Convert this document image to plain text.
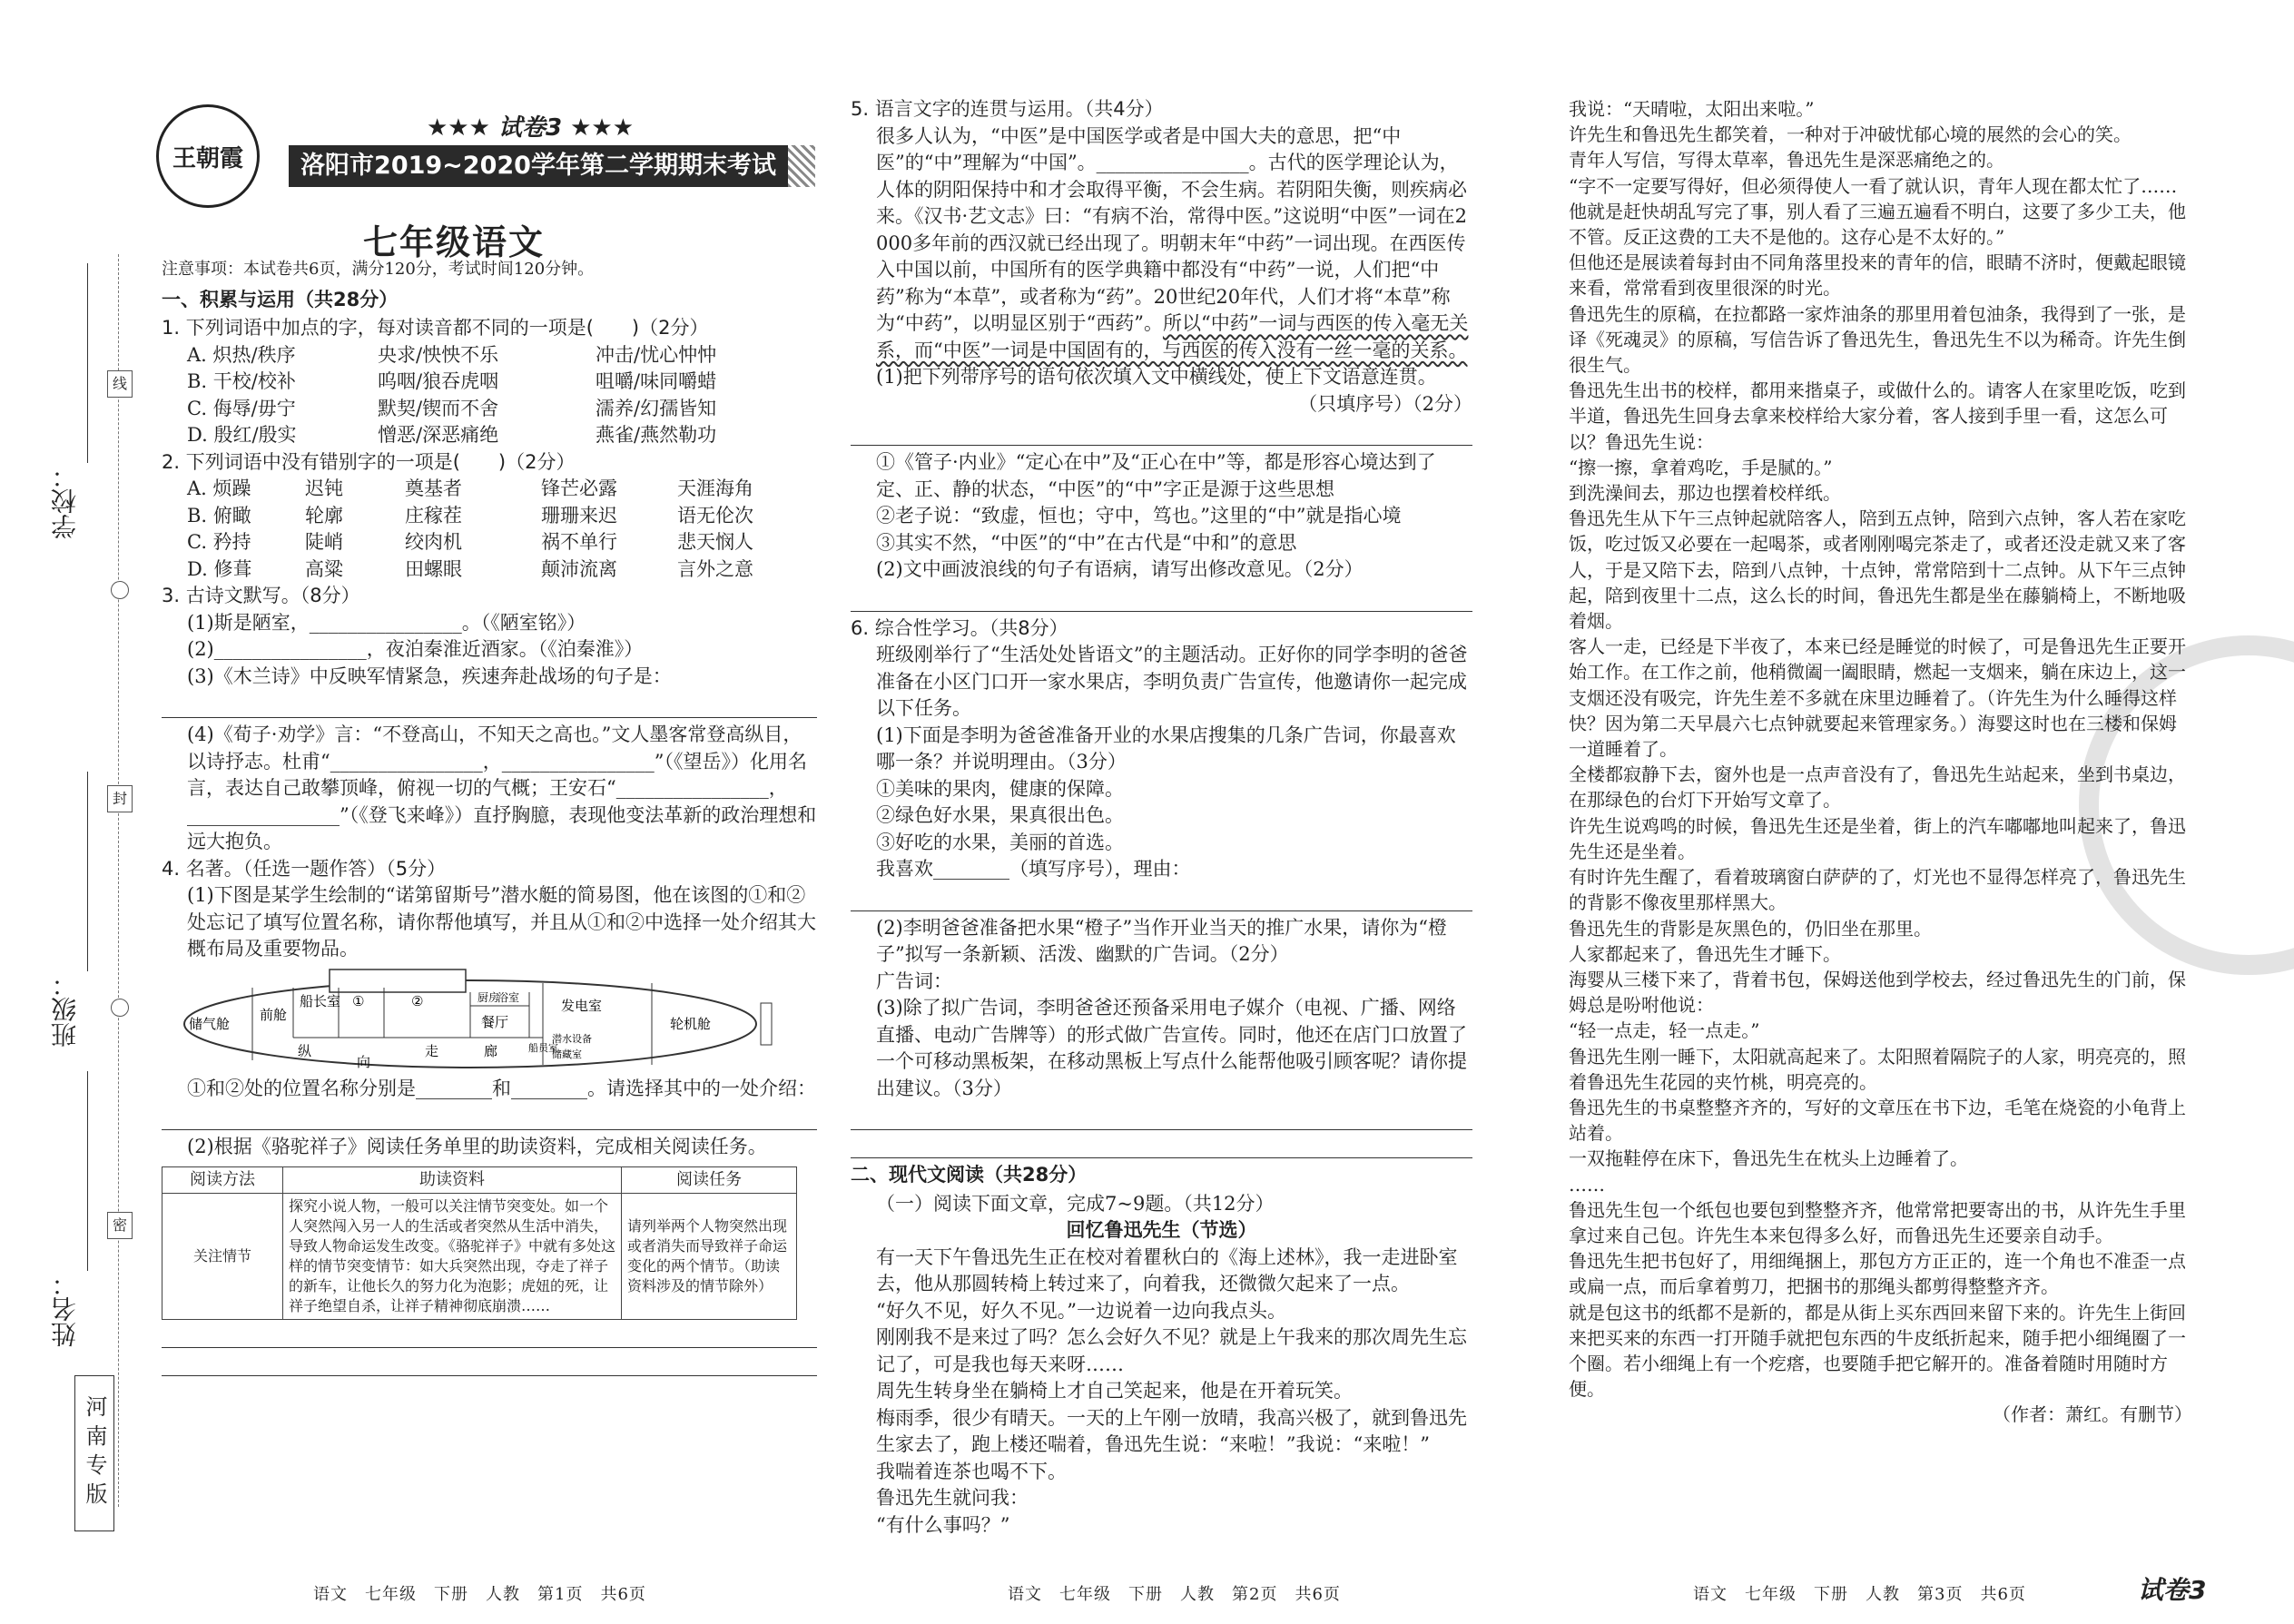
学校：
班级：
姓名：
线
封
密
河南专版
王朝霞
★★★ 试卷3 ★★★
洛阳市2019~2020学年第二学期期末考试试卷
七年级语文

注意事项：本试卷共6页，满分120分，考试时间120分钟。

一、积累与运用（共28分）

1. 下列词语中加点的字，每对读音都不同的一项是(　　)（2分）

A. 炽热/秩序	央求/怏怏不乐	冲击/忧心忡忡
B. 干校/校补	呜咽/狼吞虎咽	咀嚼/味同嚼蜡
C. 侮辱/毋宁	默契/锲而不舍	濡养/幻孺皆知
D. 殷红/殷实	憎恶/深恶痛绝	燕雀/燕然勒功

2. 下列词语中没有错别字的一项是(　　)（2分）

A. 烦躁	迟钝	奠基者	锋芒必露	天涯海角
B. 俯瞰	轮廓	庄稼茬	珊珊来迟	语无伦次
C. 矜持	陡峭	绞肉机	祸不单行	悲天悯人
D. 修葺	高粱	田螺眼	颠沛流离	言外之意

3. 古诗文默写。（8分）

(1)斯是陋室，________________。（《陋室铭》）

(2)________________，夜泊秦淮近酒家。（《泊秦淮》）

(3)《木兰诗》中反映军情紧急，疾速奔赴战场的句子是：

(4)《荀子·劝学》言：“不登高山，不知天之高也。”文人墨客常登高纵目，以诗抒志。杜甫“________________，________________”（《望岳》）化用名言，表达自己敢攀顶峰，俯视一切的气概；王安石“________________，________________”（《登飞来峰》）直抒胸臆，表现他变法革新的政治理想和远大抱负。

4. 名著。（任选一题作答）（5分）

(1)下图是某学生绘制的“诺第留斯号”潜水艇的简易图，他在该图的①和②处忘记了填写位置名称，请你帮他填写，并且从①和②中选择一处介绍其大概布局及重要物品。

储气舱
前舱
船长室 ①	②	厨房
浴室
餐厅
发电室
轮机舱
船员室
潜水设备
储藏室
纵
向
走	廊

①和②处的位置名称分别是________和________。请选择其中的一处介绍：

(2)根据《骆驼祥子》阅读任务单里的助读资料，完成相关阅读任务。

阅读方法	助读资料	阅读任务
关注情节	探究小说人物，一般可以关注情节突变处。如一个人突然闯入另一人的生活或者突然从生活中消失，导致人物命运发生改变。《骆驼祥子》中就有多处这样的情节突变情节：如大兵突然出现，夺走了祥子的新车，让他长久的努力化为泡影；虎妞的死，让祥子绝望自杀，让祥子精神彻底崩溃……	请列举两个人物突然出现或者消失而导致祥子命运变化的两个情节。（助读资料涉及的情节除外）

5. 语言文字的连贯与运用。（共4分）

很多人认为，“中医”是中国医学或者是中国大夫的意思，把“中医”的“中”理解为“中国”。________________。古代的医学理论认为，人体的阴阳保持中和才会取得平衡，不会生病。若阴阳失衡，则疾病必来。《汉书·艺文志》曰：“有病不治，常得中医。”这说明“中医”一词在2 000多年前的西汉就已经出现了。明朝末年“中药”一词出现。在西医传入中国以前，中国所有的医学典籍中都没有“中药”一说，人们把“中药”称为“本草”，或者称为“药”。20世纪20年代，人们才将“本草”称为“中药”，以明显区别于“西药”。所以“中药”一词与西医的传入毫无关系，而“中医”一词是中国固有的，与西医的传入没有一丝一毫的关系。

(1)把下列带序号的语句依次填入文中横线处，使上下文语意连贯。

（只填序号）（2分）

①《管子·内业》“定心在中”及“正心在中”等，都是形容心境达到了定、正、静的状态，“中医”的“中”字正是源于这些思想

②老子说：“致虚，恒也；守中，笃也。”这里的“中”就是指心境

③其实不然，“中医”的“中”在古代是“中和”的意思

(2)文中画波浪线的句子有语病，请写出修改意见。（2分）

6. 综合性学习。（共8分）

班级刚举行了“生活处处皆语文”的主题活动。正好你的同学李明的爸爸准备在小区门口开一家水果店，李明负责广告宣传，他邀请你一起完成以下任务。

(1)下面是李明为爸爸准备开业的水果店搜集的几条广告词，你最喜欢哪一条？并说明理由。（3分）

①美味的果肉，健康的保障。

②绿色好水果，果真很出色。

③好吃的水果，美丽的首选。

我喜欢________（填写序号），理由：

(2)李明爸爸准备把水果“橙子”当作开业当天的推广水果，请你为“橙子”拟写一条新颖、活泼、幽默的广告词。（2分）

广告词：

(3)除了拟广告词，李明爸爸还预备采用电子媒介（电视、广播、网络直播、电动广告牌等）的形式做广告宣传。同时，他还在店门口放置了一个可移动黑板架，在移动黑板上写点什么能帮他吸引顾客呢？请你提出建议。（3分）

二、现代文阅读（共28分）

（一）阅读下面文章，完成7~9题。（共12分）

回忆鲁迅先生（节选）

有一天下午鲁迅先生正在校对着瞿秋白的《海上述林》，我一走进卧室去，他从那圆转椅上转过来了，向着我，还微微欠起来了一点。

“好久不见，好久不见。”一边说着一边向我点头。

刚刚我不是来过了吗？怎么会好久不见？就是上午我来的那次周先生忘记了，可是我也每天来呀……

周先生转身坐在躺椅上才自己笑起来，他是在开着玩笑。

梅雨季，很少有晴天。一天的上午刚一放晴，我高兴极了，就到鲁迅先生家去了，跑上楼还喘着，鲁迅先生说：“来啦！”我说：“来啦！”

我喘着连茶也喝不下。

鲁迅先生就问我：

“有什么事吗？”

我说：“天晴啦，太阳出来啦。”

许先生和鲁迅先生都笑着，一种对于冲破忧郁心境的展然的会心的笑。

青年人写信，写得太草率，鲁迅先生是深恶痛绝之的。

“字不一定要写得好，但必须得使人一看了就认识，青年人现在都太忙了……他就是赶快胡乱写完了事，别人看了三遍五遍看不明白，这要了多少工夫，他不管。反正这费的工夫不是他的。这存心是不太好的。”

但他还是展读着每封由不同角落里投来的青年的信，眼睛不济时，便戴起眼镜来看，常常看到夜里很深的时光。

鲁迅先生的原稿，在拉都路一家炸油条的那里用着包油条，我得到了一张，是译《死魂灵》的原稿，写信告诉了鲁迅先生，鲁迅先生不以为稀奇。许先生倒很生气。

鲁迅先生出书的校样，都用来揩桌子，或做什么的。请客人在家里吃饭，吃到半道，鲁迅先生回身去拿来校样给大家分着，客人接到手里一看，这怎么可以？鲁迅先生说：

“擦一擦，拿着鸡吃，手是腻的。”

到洗澡间去，那边也摆着校样纸。

鲁迅先生从下午三点钟起就陪客人，陪到五点钟，陪到六点钟，客人若在家吃饭，吃过饭又必要在一起喝茶，或者刚刚喝完茶走了，或者还没走就又来了客人，于是又陪下去，陪到八点钟，十点钟，常常陪到十二点钟。从下午三点钟起，陪到夜里十二点，这么长的时间，鲁迅先生都是坐在藤躺椅上，不断地吸着烟。

客人一走，已经是下半夜了，本来已经是睡觉的时候了，可是鲁迅先生正要开始工作。在工作之前，他稍微阖一阖眼睛，燃起一支烟来，躺在床边上，这一支烟还没有吸完，许先生差不多就在床里边睡着了。（许先生为什么睡得这样快？因为第二天早晨六七点钟就要起来管理家务。）海婴这时也在三楼和保姆一道睡着了。

全楼都寂静下去，窗外也是一点声音没有了，鲁迅先生站起来，坐到书桌边，在那绿色的台灯下开始写文章了。

许先生说鸡鸣的时候，鲁迅先生还是坐着，街上的汽车嘟嘟地叫起来了，鲁迅先生还是坐着。

有时许先生醒了，看着玻璃窗白萨萨的了，灯光也不显得怎样亮了，鲁迅先生的背影不像夜里那样黑大。

鲁迅先生的背影是灰黑色的，仍旧坐在那里。

人家都起来了，鲁迅先生才睡下。

海婴从三楼下来了，背着书包，保姆送他到学校去，经过鲁迅先生的门前，保姆总是吩咐他说：

“轻一点走，轻一点走。”

鲁迅先生刚一睡下，太阳就高起来了。太阳照着隔院子的人家，明亮亮的，照着鲁迅先生花园的夹竹桃，明亮亮的。

鲁迅先生的书桌整整齐齐的，写好的文章压在书下边，毛笔在烧瓷的小龟背上站着。

一双拖鞋停在床下，鲁迅先生在枕头上边睡着了。

……

鲁迅先生包一个纸包也要包到整整齐齐，他常常把要寄出的书，从许先生手里拿过来自己包。许先生本来包得多么好，而鲁迅先生还要亲自动手。

鲁迅先生把书包好了，用细绳捆上，那包方方正正的，连一个角也不准歪一点或扁一点，而后拿着剪刀，把捆书的那绳头都剪得整整齐齐。

就是包这书的纸都不是新的，都是从街上买东西回来留下来的。许先生上街回来把买来的东西一打开随手就把包东西的牛皮纸折起来，随手把小细绳圈了一个圈。若小细绳上有一个疙瘩，也要随手把它解开的。准备着随时用随时方便。

（作者：萧红。有删节）

语文　七年级　下册　人教　第1页　共6页	语文　七年级　下册　人教　第2页　共6页	语文　七年级　下册　人教　第3页　共6页	试卷3
